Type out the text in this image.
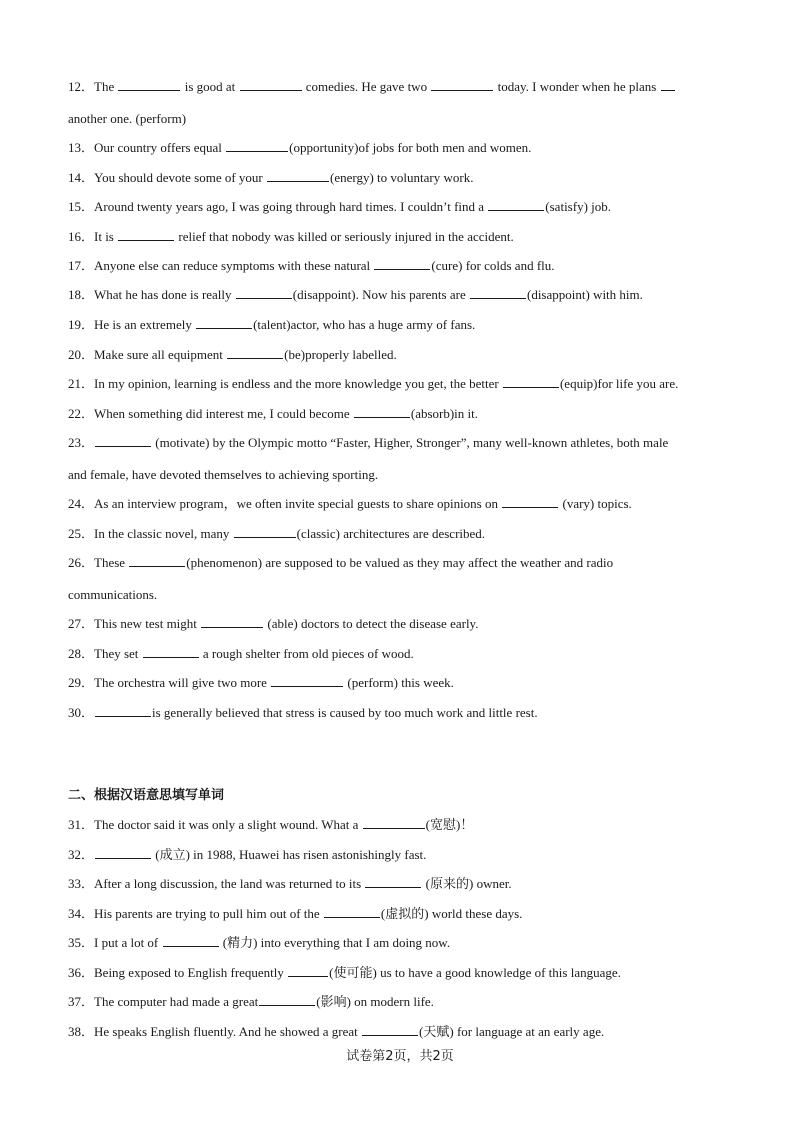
12．The	is good at	comedies. He gave two	today. I wonder when he plans
another one. (perform)
13．Our country offers equal	(opportunity)of jobs for both men and women.
14．You should devote some of your	(energy) to voluntary work.
15．Around twenty years ago, I was going through hard times. I couldn’t find a	(satisfy) job.
16．It is	relief that nobody was killed or seriously injured in the accident.
17．Anyone else can reduce symptoms with these natural	(cure) for colds and flu.
18．What he has done is really	(disappoint). Now his parents are	(disappoint) with him.
19．He is an extremely	(talent)actor, who has a huge army of fans.
20．Make sure all equipment	(be)properly labelled.
21．In my opinion, learning is endless and the more knowledge you get, the better	(equip)for life you are.
22．When something did interest me, I could become	(absorb)in it.
23．	(motivate) by the Olympic motto “Faster, Higher, Stronger”, many well-known athletes, both male
and female, have devoted themselves to achieving sporting.
24．As an interview program，we often invite special guests to share opinions on	(vary) topics.
25．In the classic novel, many	(classic) architectures are described.
26．These	(phenomenon) are supposed to be valued as they may affect the weather and radio
communications.
27．This new test might	(able) doctors to detect the disease early.
28．They set	a rough shelter from old pieces of wood.
29．The orchestra will give two more	(perform) this week.
30．	is generally believed that stress is caused by too much work and little rest.
31．The doctor said it was only a slight wound. What a	(宽慰)！
32．	(成立) in 1988, Huawei has risen astonishingly fast.
33．After a long discussion, the land was returned to its	(原来的) owner.
34．His parents are trying to pull him out of the	(虚拟的) world these days.
35．I put a lot of	(精力) into everything that I am doing now.
36．Being exposed to English frequently	(使可能) us to have a good knowledge of this language.
37．The computer had made a great	(影响) on modern life.
38．He speaks English fluently. And he showed a great	(天赋) for language at an early age.
二、根据汉语意思填写单词
试卷第2页，共2页
